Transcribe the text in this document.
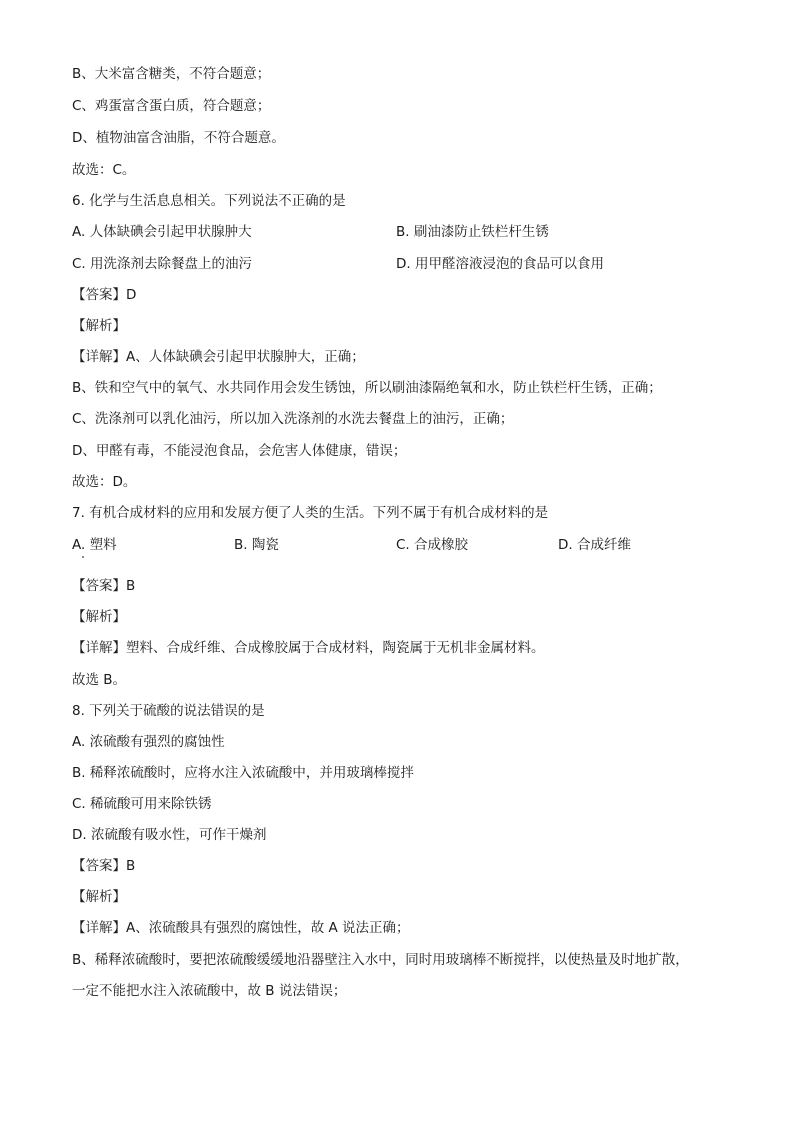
B、大米富含糖类，不符合题意；
C、鸡蛋富含蛋白质，符合题意；
D、植物油富含油脂，不符合题意。
故选：C。
6. 化学与生活息息相关。下列说法不正确的是
A. 人体缺碘会引起甲状腺肿大	B. 刷油漆防止铁栏杆生锈
C. 用洗涤剂去除餐盘上的油污	D. 用甲醛溶液浸泡的食品可以食用
【答案】D
【解析】
【详解】A、人体缺碘会引起甲状腺肿大，正确；
B、铁和空气中的氧气、水共同作用会发生锈蚀，所以刷油漆隔绝氧和水，防止铁栏杆生锈，正确；
C、洗涤剂可以乳化油污，所以加入洗涤剂的水洗去餐盘上的油污，正确；
D、甲醛有毒，不能浸泡食品，会危害人体健康，错误；
故选：D。
7. 有机合成材料的应用和发展方便了人类的生活。下列不属于有机合成材料的是
A. 塑料	B. 陶瓷	C. 合成橡胶	D. 合成纤维
【答案】B
【解析】
【详解】塑料、合成纤维、合成橡胶属于合成材料，陶瓷属于无机非金属材料。
故选 B。
8. 下列关于硫酸的说法错误的是
A. 浓硫酸有强烈的腐蚀性
B. 稀释浓硫酸时，应将水注入浓硫酸中，并用玻璃棒搅拌
C. 稀硫酸可用来除铁锈
D. 浓硫酸有吸水性，可作干燥剂
【答案】B
【解析】
【详解】A、浓硫酸具有强烈的腐蚀性，故 A 说法正确；
B、稀释浓硫酸时，要把浓硫酸缓缓地沿器壁注入水中，同时用玻璃棒不断搅拌，以使热量及时地扩散，
一定不能把水注入浓硫酸中，故 B 说法错误；
